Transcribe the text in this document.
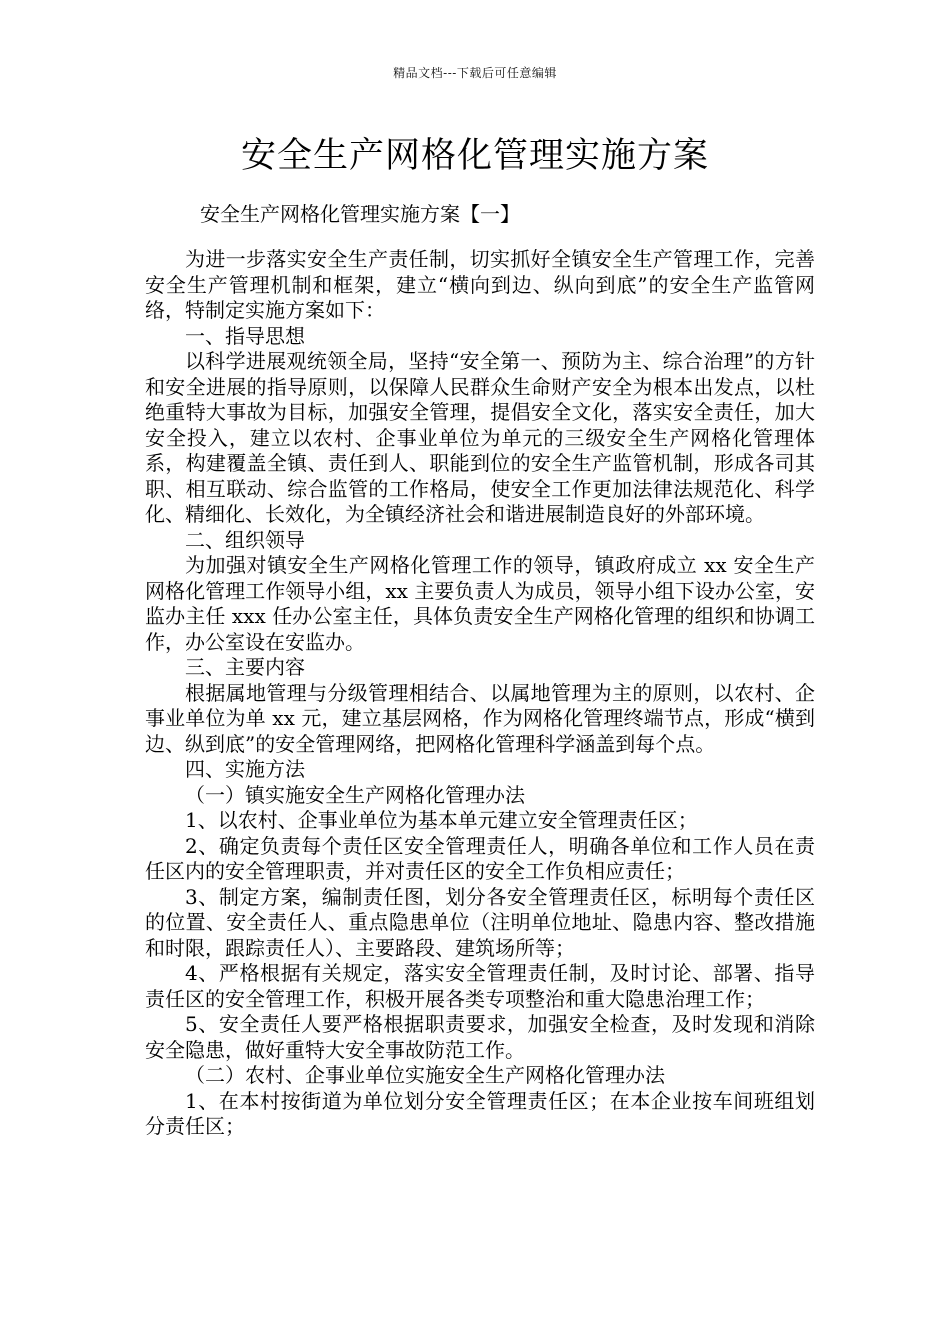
精品文档---下载后可任意编辑
安全生产网格化管理实施方案
安全生产网格化管理实施方案【一】

为进一步落实安全生产责任制，切实抓好全镇安全生产管理工作，完善安全生产管理机制和框架，建立“横向到边、纵向到底”的安全生产监管网络，特制定实施方案如下：

一、指导思想

以科学进展观统领全局，坚持“安全第一、预防为主、综合治理”的方针和安全进展的指导原则，以保障人民群众生命财产安全为根本出发点，以杜绝重特大事故为目标，加强安全管理，提倡安全文化，落实安全责任，加大安全投入，建立以农村、企事业单位为单元的三级安全生产网格化管理体系，构建覆盖全镇、责任到人、职能到位的安全生产监管机制，形成各司其职、相互联动、综合监管的工作格局，使安全工作更加法律法规范化、科学化、精细化、长效化，为全镇经济社会和谐进展制造良好的外部环境。

二、组织领导

为加强对镇安全生产网格化管理工作的领导，镇政府成立 xx 安全生产网格化管理工作领导小组，xx 主要负责人为成员，领导小组下设办公室，安监办主任 xxx 任办公室主任，具体负责安全生产网格化管理的组织和协调工作，办公室设在安监办。

三、主要内容

根据属地管理与分级管理相结合、以属地管理为主的原则，以农村、企事业单位为单 xx 元，建立基层网格，作为网格化管理终端节点，形成“横到边、纵到底”的安全管理网络，把网格化管理科学涵盖到每个点。

四、实施方法

（一）镇实施安全生产网格化管理办法

1、以农村、企事业单位为基本单元建立安全管理责任区；

2、确定负责每个责任区安全管理责任人，明确各单位和工作人员在责任区内的安全管理职责，并对责任区的安全工作负相应责任；

3、制定方案，编制责任图，划分各安全管理责任区，标明每个责任区的位置、安全责任人、重点隐患单位（注明单位地址、隐患内容、整改措施和时限，跟踪责任人）、主要路段、建筑场所等；

4、严格根据有关规定，落实安全管理责任制，及时讨论、部署、指导责任区的安全管理工作，积极开展各类专项整治和重大隐患治理工作；

5、安全责任人要严格根据职责要求，加强安全检查，及时发现和消除安全隐患，做好重特大安全事故防范工作。

（二）农村、企事业单位实施安全生产网格化管理办法

1、在本村按街道为单位划分安全管理责任区；在本企业按车间班组划分责任区；
